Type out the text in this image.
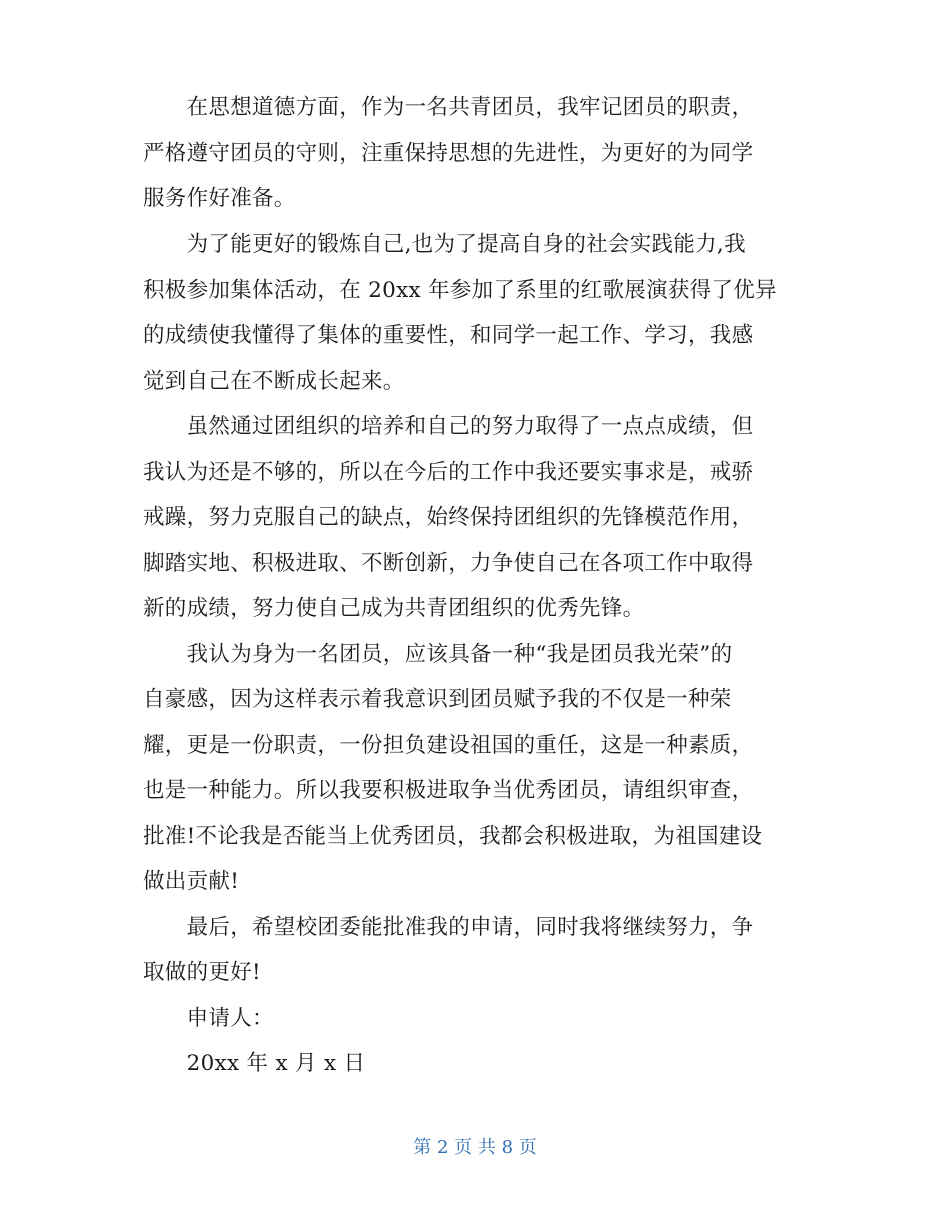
　　在思想道德方面，作为一名共青团员，我牢记团员的职责，
严格遵守团员的守则，注重保持思想的先进性，为更好的为同学
服务作好准备。
　　为了能更好的锻炼自己,也为了提高自身的社会实践能力,我
积极参加集体活动，在 20xx 年参加了系里的红歌展演获得了优异
的成绩使我懂得了集体的重要性，和同学一起工作、学习，我感
觉到自己在不断成长起来。
　　虽然通过团组织的培养和自己的努力取得了一点点成绩，但
我认为还是不够的，所以在今后的工作中我还要实事求是，戒骄
戒躁，努力克服自己的缺点，始终保持团组织的先锋模范作用，
脚踏实地、积极进取、不断创新，力争使自己在各项工作中取得
新的成绩，努力使自己成为共青团组织的优秀先锋。
　　我认为身为一名团员，应该具备一种“我是团员我光荣”的
自豪感，因为这样表示着我意识到团员赋予我的不仅是一种荣
耀，更是一份职责，一份担负建设祖国的重任，这是一种素质，
也是一种能力。所以我要积极进取争当优秀团员，请组织审查，
批准!不论我是否能当上优秀团员，我都会积极进取，为祖国建设
做出贡献!
　　最后，希望校团委能批准我的申请，同时我将继续努力，争
取做的更好!
　　申请人：
　　20xx 年 x 月 x 日
第 2 页 共 8 页
